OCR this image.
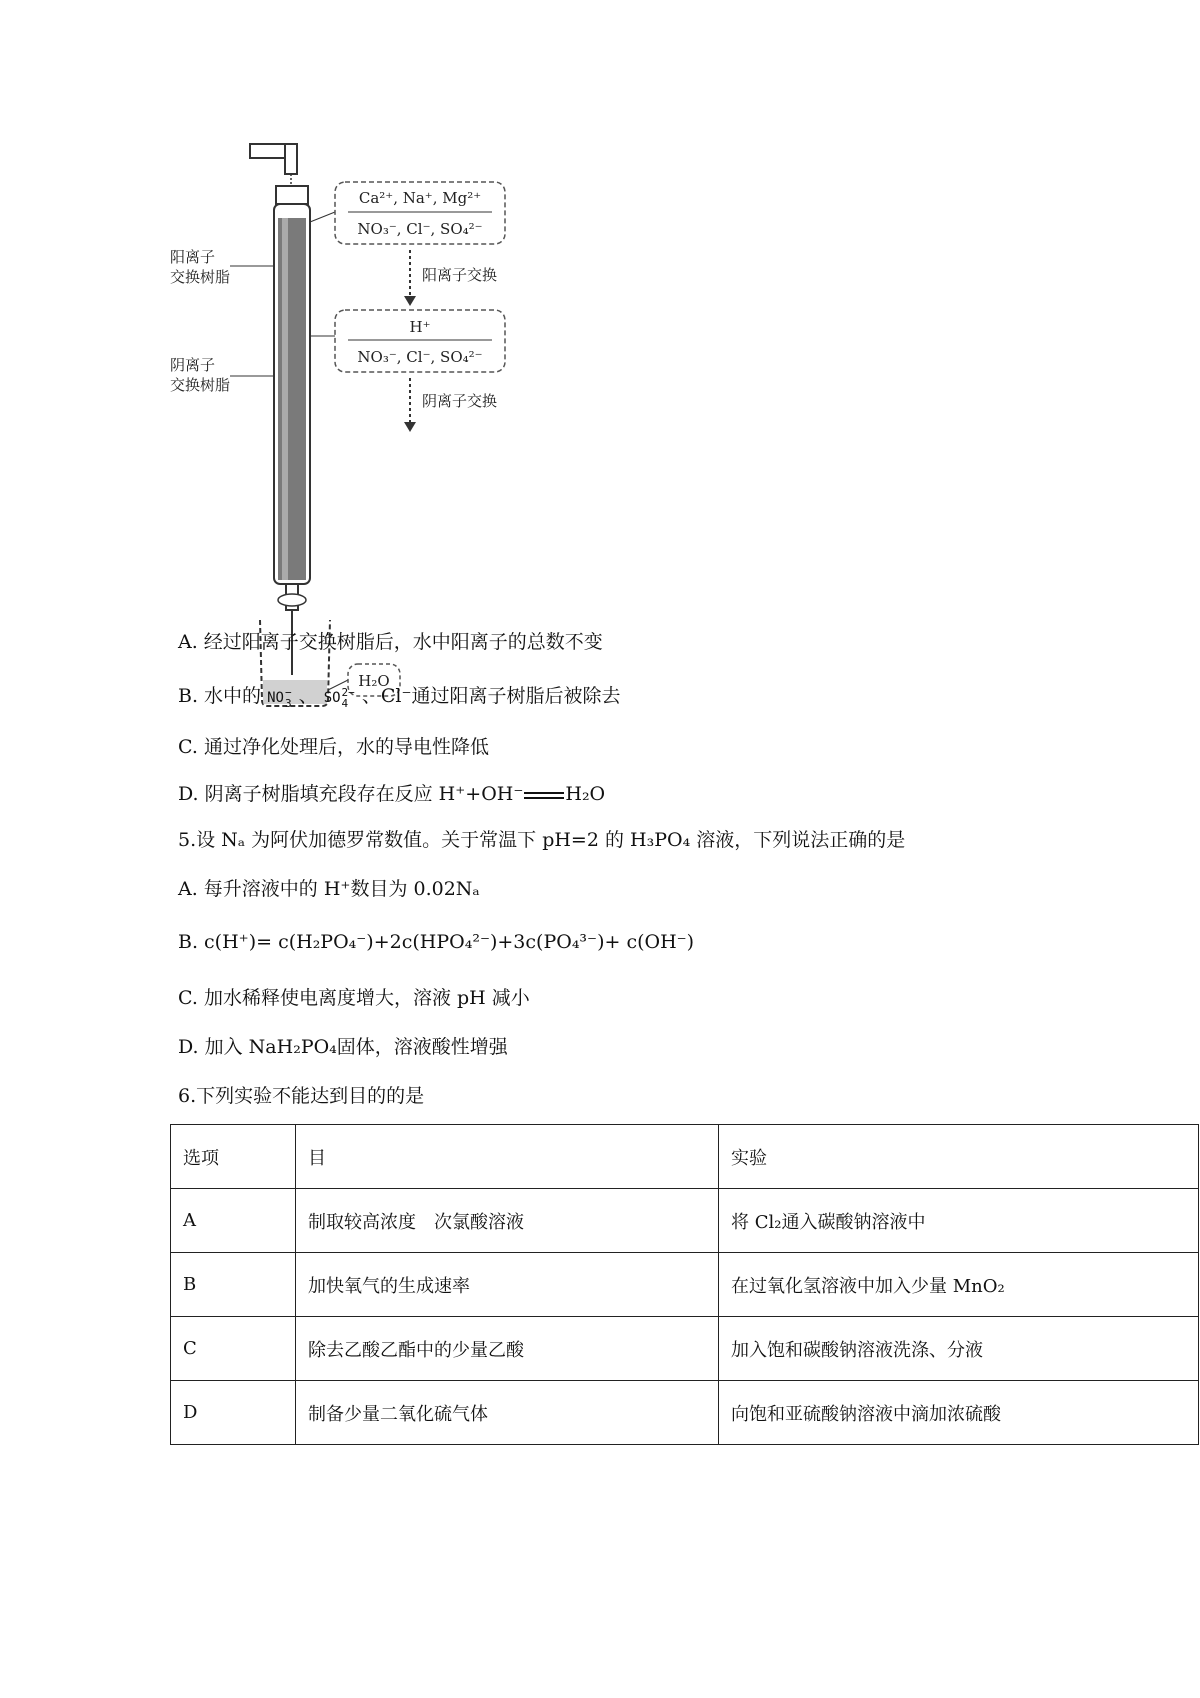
Ca²⁺, Na⁺, Mg²⁺
NO₃⁻, Cl⁻, SO₄²⁻
阳离子交换
H⁺
NO₃⁻, Cl⁻, SO₄²⁻
阴离子交换
阳离子
交换树脂
阴离子
交换树脂
H₂O
A. 经过阳离子交换树脂后，水中阳离子的总数不变
B. 水中的 NO −
3 、 SO 2−
4 、Cl⁻通过阳离子树脂后被除去
C. 通过净化处理后，水的导电性降低
D. 阴离子树脂填充段存在反应 H⁺+OH⁻ H₂O
5.设 Nₐ 为阿伏加德罗常数值。关于常温下 pH=2 的 H₃PO₄ 溶液，下列说法正确的是
A. 每升溶液中的 H⁺数目为 0.02Nₐ
B. c(H⁺)= c(H₂PO₄⁻)+2c(HPO₄²⁻)+3c(PO₄³⁻)+ c(OH⁻)
C. 加水稀释使电离度增大，溶液 pH 减小
D. 加入 NaH₂PO₄固体，溶液酸性增强
6.下列实验不能达到目的的是
选项	目	实验
A	制取较高浓度　次氯酸溶液	将 Cl₂通入碳酸钠溶液中
B	加快氧气的生成速率	在过氧化氢溶液中加入少量 MnO₂
C	除去乙酸乙酯中的少量乙酸	加入饱和碳酸钠溶液洗涤、分液
D	制备少量二氧化硫气体	向饱和亚硫酸钠溶液中滴加浓硫酸
